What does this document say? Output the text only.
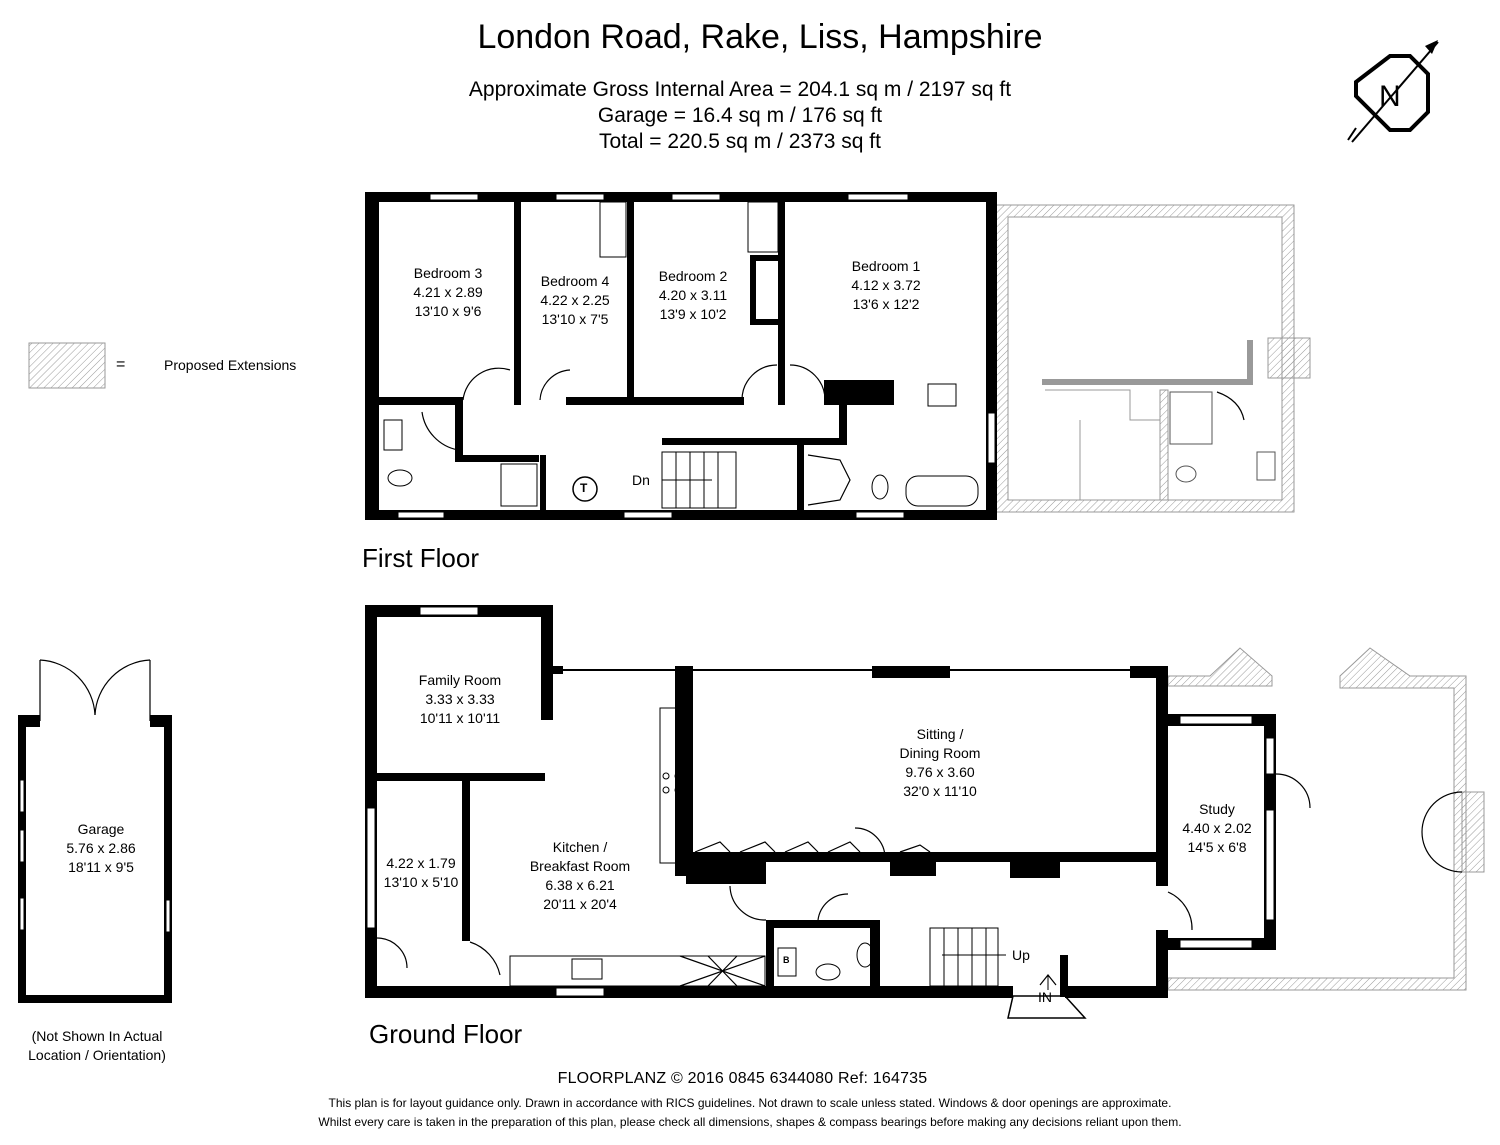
London Road, Rake, Liss, Hampshire
Approximate Gross Internal Area = 204.1 sq m / 2197 sq ft
Garage = 16.4 sq m / 176 sq ft
Total = 220.5 sq m / 2373 sq ft
N
=	Proposed Extensions
Bedroom 3
4.21 x 2.89
13'10 x 9'6
Bedroom 4
4.22 x 2.25
13'10 x 7'5
Bedroom 2
4.20 x 3.11
13'9 x 10'2
Bedroom 1
4.12 x 3.72
13'6 x 12'2
Dn
T
First Floor
Family Room
3.33 x 3.33
10'11 x 10'11
4.22 x 1.79
13'10 x 5'10
Kitchen /
Breakfast Room
6.38 x 6.21
20'11 x 20'4
Sitting /
Dining Room
9.76 x 3.60
32'0 x 11'10
Study
4.40 x 2.02
14'5 x 6'8
Up
IN
B
Ground Floor
Garage
5.76 x 2.86
18'11 x 9'5
(Not Shown In Actual
Location / Orientation)
FLOORPLANZ © 2016 0845 6344080 Ref: 164735
This plan is for layout guidance only. Drawn in accordance with RICS guidelines. Not drawn to scale unless stated. Windows & door openings are approximate.
Whilst every care is taken in the preparation of this plan, please check all dimensions, shapes & compass bearings before making any decisions reliant upon them.
